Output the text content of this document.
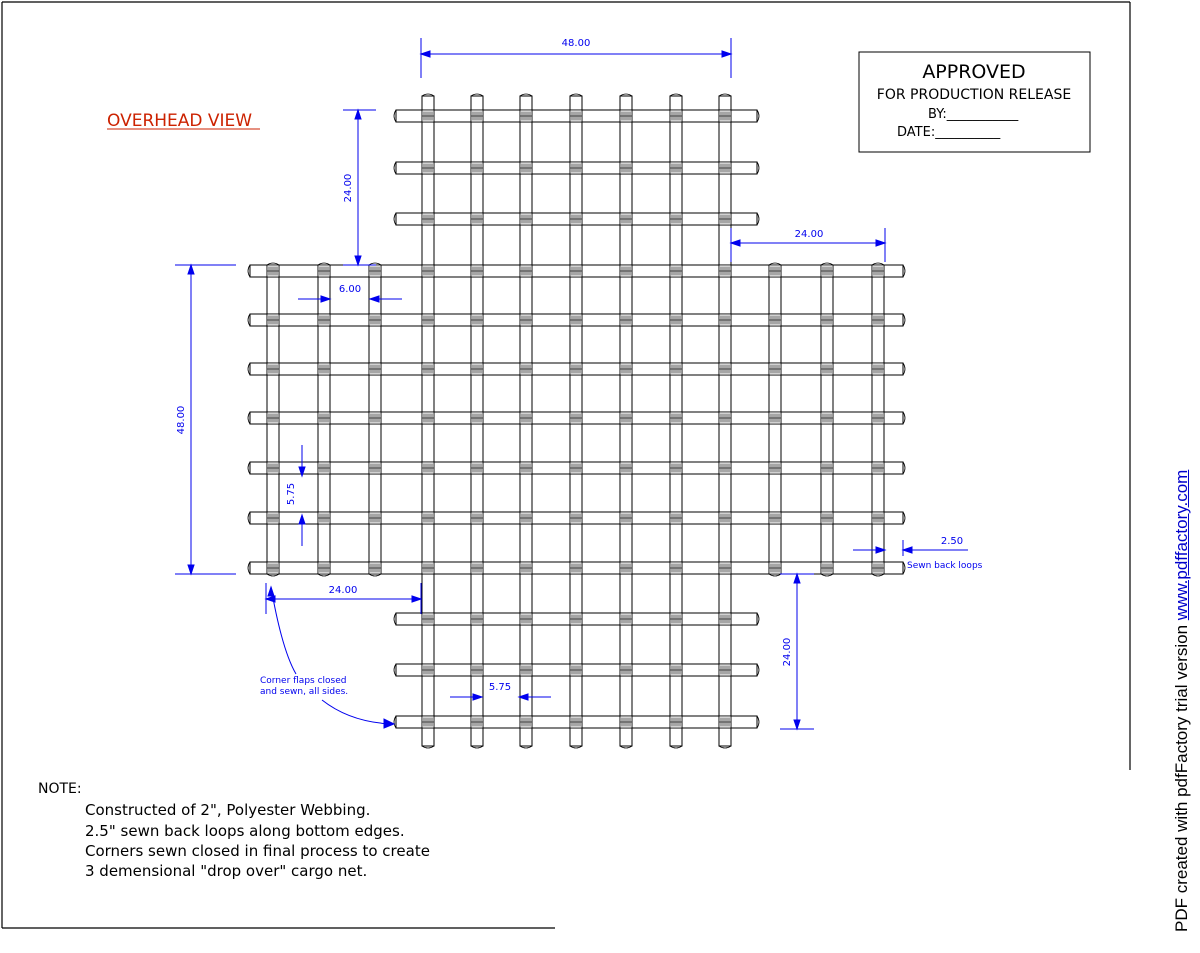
OVERHEAD VIEW
APPROVED
FOR PRODUCTION RELEASE
BY:___________
DATE:__________
48.00
24.00
24.00
48.00
6.00
5.75
24.00
24.00
5.75
2.50
Sewn back loops
Corner flaps closed
and sewn, all sides.
NOTE:
Constructed of 2", Polyester Webbing.
2.5" sewn back loops along bottom edges.
Corners sewn closed in final process to create
3 demensional "drop over" cargo net.	PDF created with pdfFactory trial version www.pdffactory.com
